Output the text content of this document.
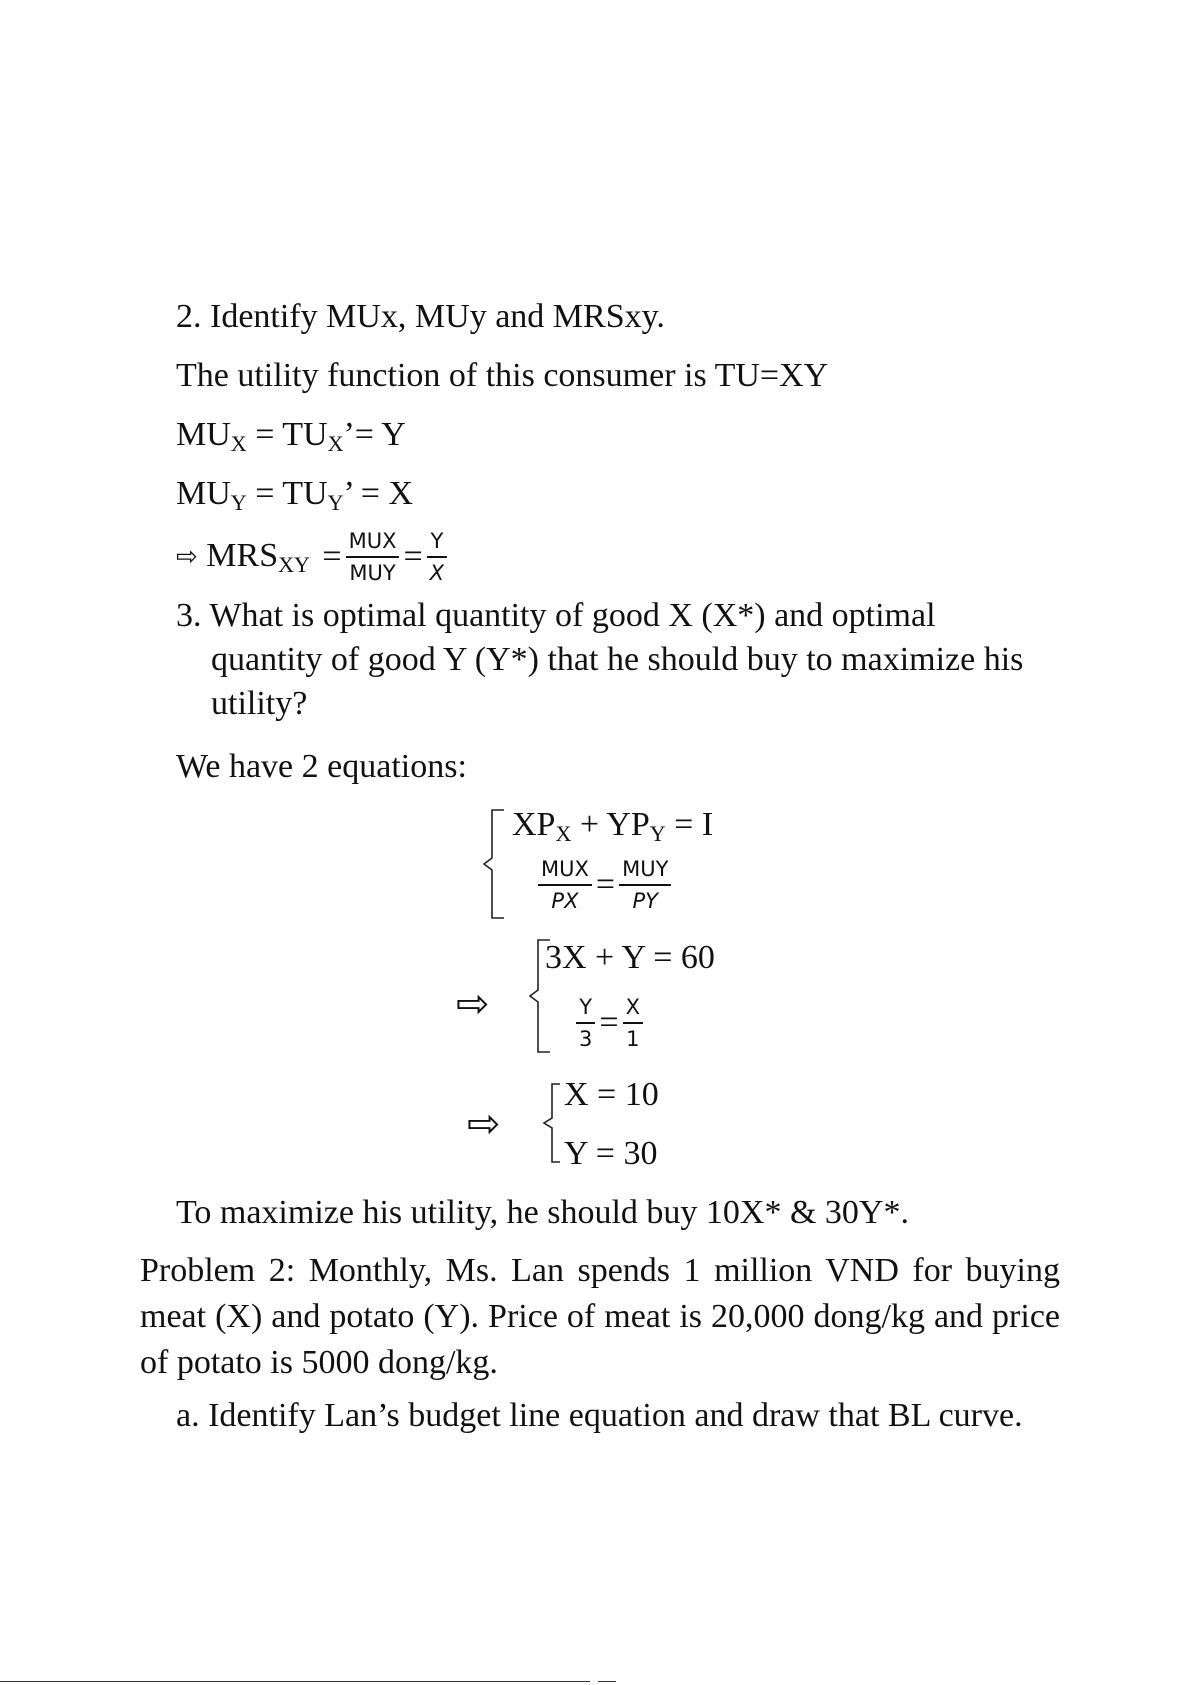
2. Identify MUx, MUy and MRSxy.
The utility function of this consumer is TU=XY
$MU_X$ = $TU_X’= Y$
$MU_Y = TU_Y$’ = X
⇨ $MRS_{XY} = \frac{\text{MUX}}{\text{MUY}} = \frac{Y}{X}$
3. What is optimal quantity of good X (X*) and optimal
quantity of good Y (Y*) that he should buy to maximize his
utility?
We have 2 equations:
$XP_X + YP_Y = I$
$\frac{\text{MUX}}{PX} = \frac{\text{MUY}}{PY}$
⇨
3X + Y = 60
$\frac{Y}{3} = \frac{X}{1}$
⇨
X = 10
Y = 30
To maximize his utility, he should buy 10X* & 30Y*.
Problem 2: Monthly, Ms. Lan spends 1 million VND for buying meat (X) and potato (Y). Price of meat is 20,000 dong/kg and price of potato is 5000 dong/kg.
a. Identify Lan’s budget line equation and draw that BL curve.
